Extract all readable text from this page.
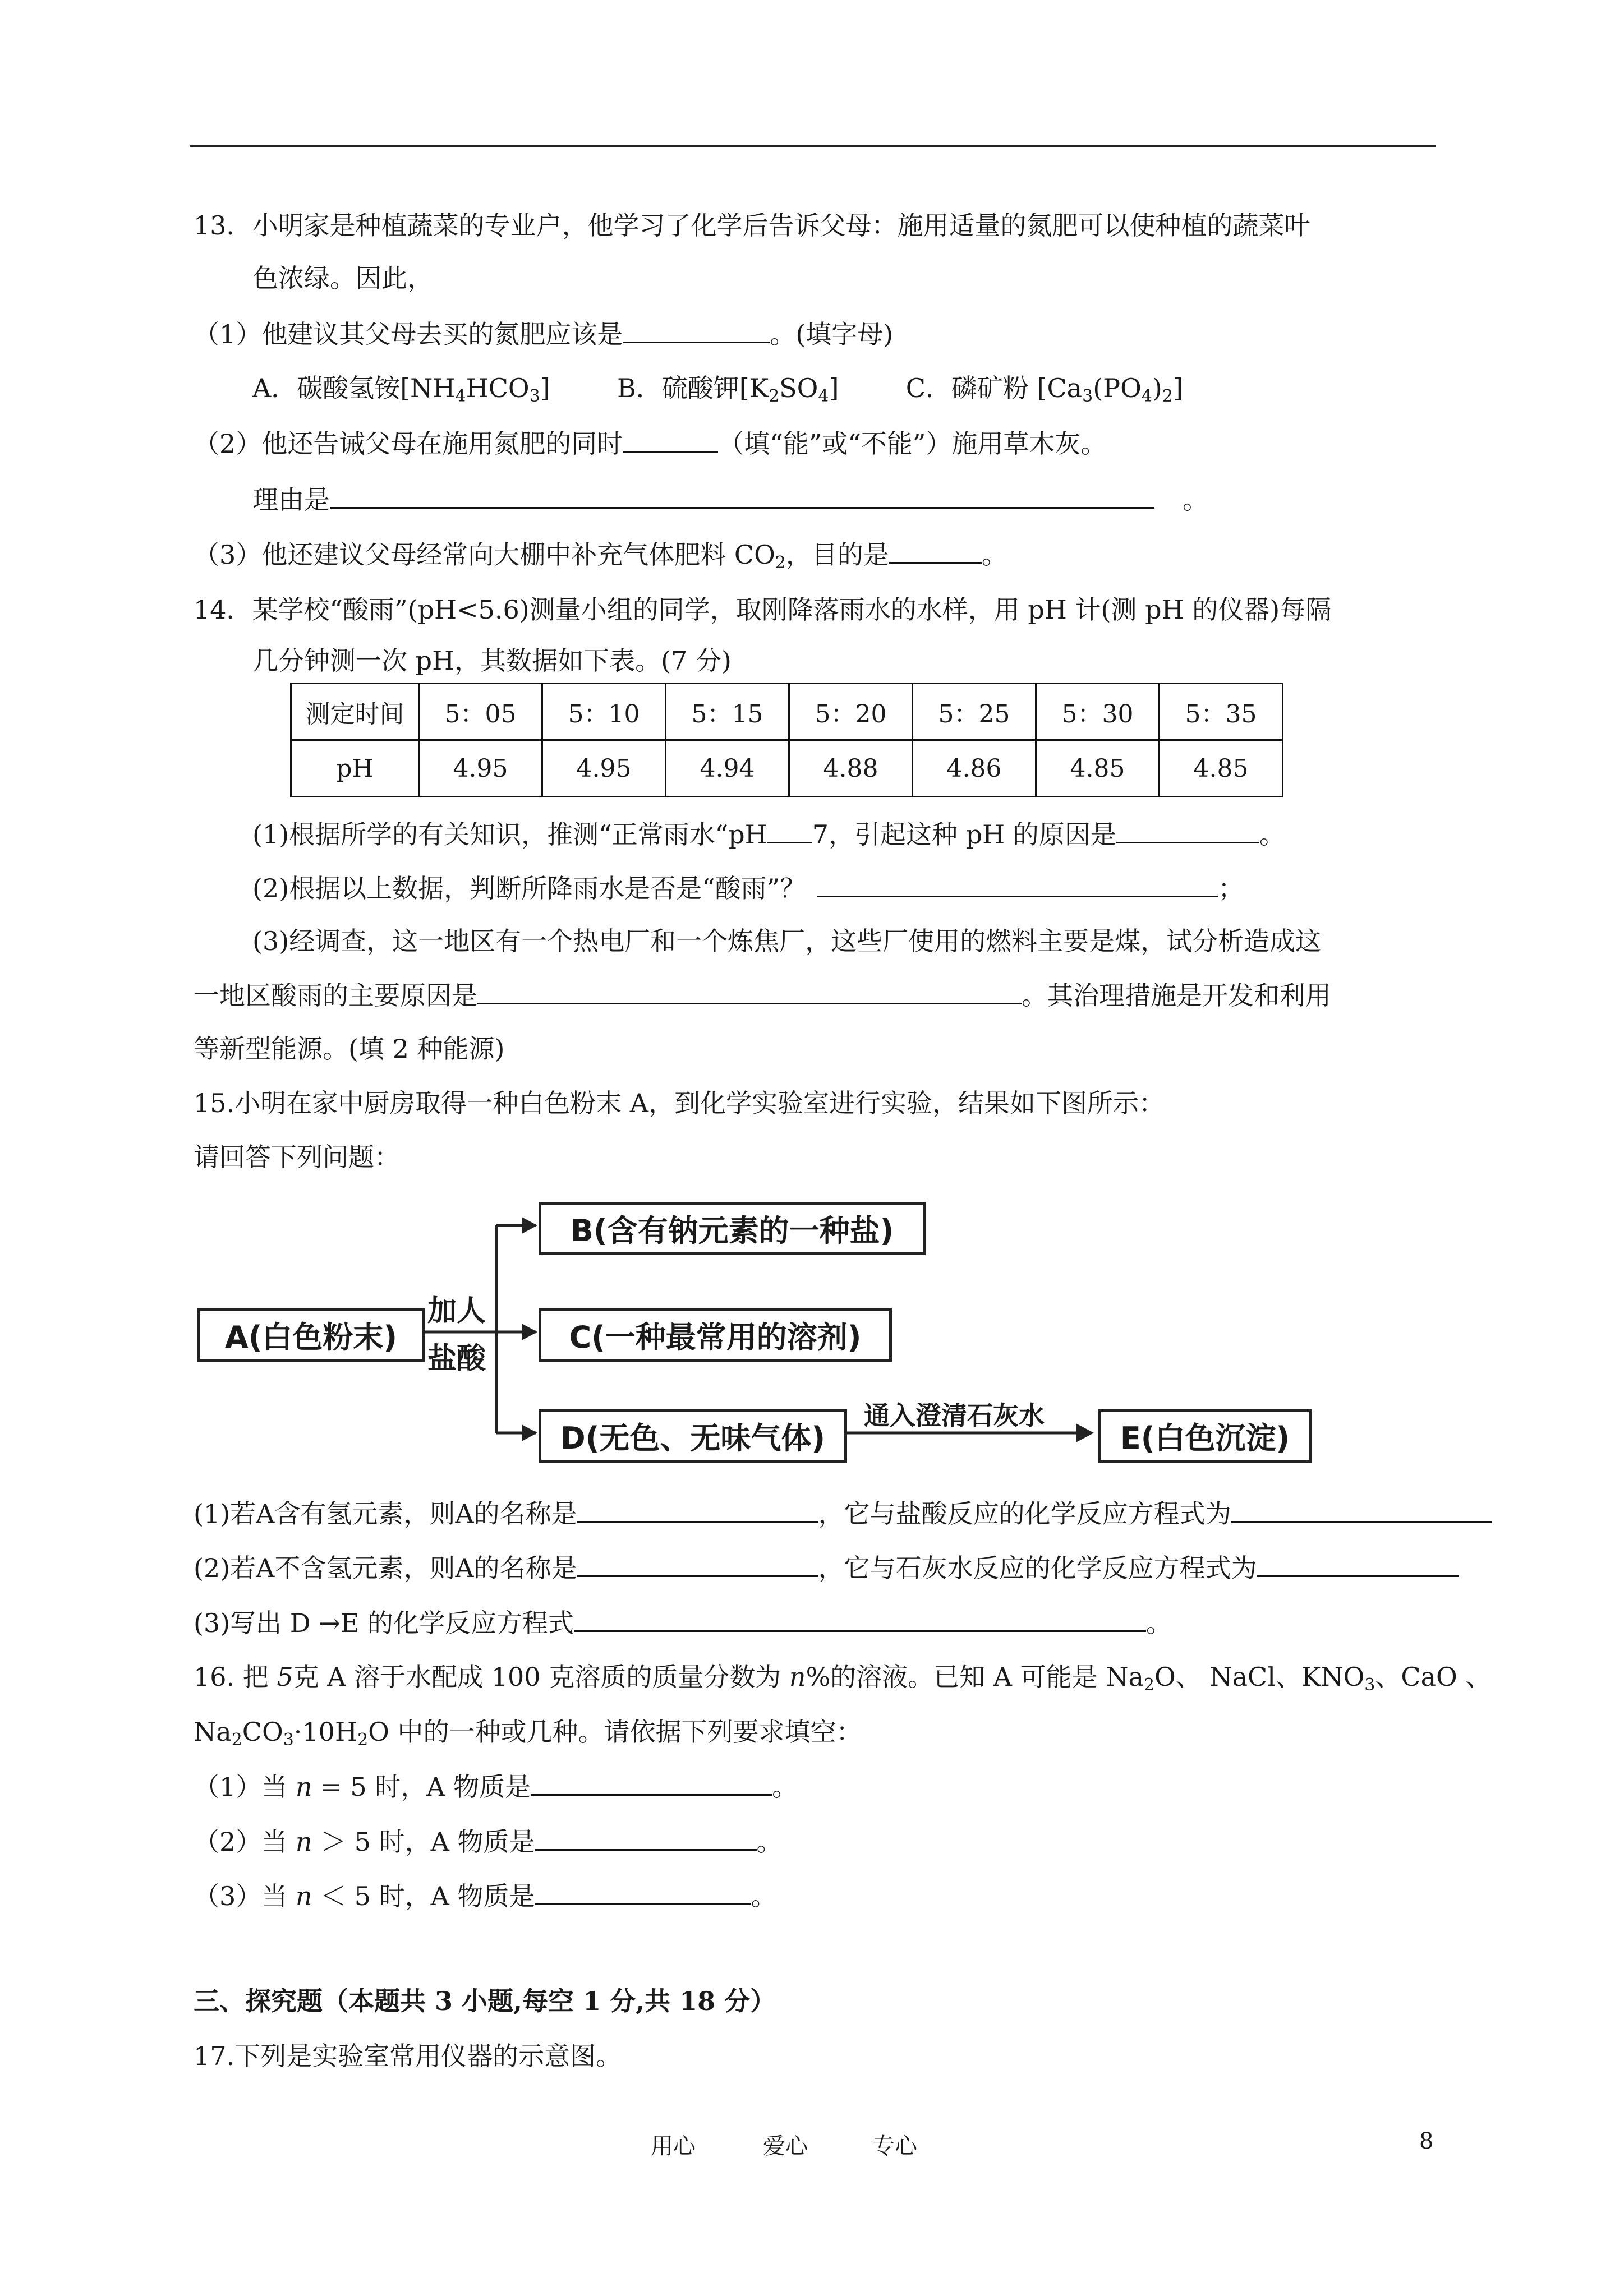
13．小明家是种植蔬菜的专业户，他学习了化学后告诉父母：施用适量的氮肥可以使种植的蔬菜叶
色浓绿。因此，
（1）他建议其父母去买的氮肥应该是	。(填字母)
A．碳酸氢铵$[NH_4HCO_3]$	B．硫酸钾$[K_2SO_4]$	C．磷矿粉 $[Ca_3(PO_4)_2]$
（2）他还告诫父母在施用氮肥的同时	（填“能”或“不能”）施用草木灰。
理由是	。
（3）他还建议父母经常向大棚中补充气体肥料 $CO_2$，目的是	。
14．某学校“酸雨”(pH<5.6)测量小组的同学，取刚降落雨水的水样，用 pH 计(测 pH 的仪器)每隔
几分钟测一次 pH，其数据如下表。(7 分)
测定时间	5：05	5：10	5：15	5：20	5：25	5：30	5：35
pH	4.95	4.95	4.94	4.88	4.86	4.85	4.85
(1)根据所学的有关知识，推测“正常雨水“pH 7，引起这种 pH 的原因是	。
(2)根据以上数据，判断所降雨水是否是“酸雨”？	；
(3)经调查，这一地区有一个热电厂和一个炼焦厂，这些厂使用的燃料主要是煤，试分析造成这
一地区酸雨的主要原因是	。其治理措施是开发和利用
等新型能源。(填 2 种能源)
15.小明在家中厨房取得一种白色粉末 A，到化学实验室进行实验，结果如下图所示：
请回答下列问题：
A(白色粉末)
加人
盐酸
B(含有钠元素的一种盐)
C(一种最常用的溶剂)
D(无色、无味气体)
通入澄清石灰水
E(白色沉淀)
(1)若A含有氢元素，则A的名称是	，它与盐酸反应的化学反应方程式为
(2)若A不含氢元素，则A的名称是	，它与石灰水反应的化学反应方程式为
(3)写出 D →E 的化学反应方程式	。
16. 把 5克 A 溶于水配成 100 克溶质的质量分数为 n%的溶液。已知 A 可能是 $Na_2O$、 NaCl、$KNO_3$、CaO 、
$Na_2CO_3\cdot 10H_2O$ 中的一种或几种。请依据下列要求填空：
（1）当 n = 5 时，A 物质是	。
（2）当 n ＞ 5 时，A 物质是	。
（3）当 n ＜ 5 时，A 物质是	。
三、探究题（本题共 3 小题,每空 1 分,共 18 分）
17.下列是实验室常用仪器的示意图。
用心	爱心	专心	8
